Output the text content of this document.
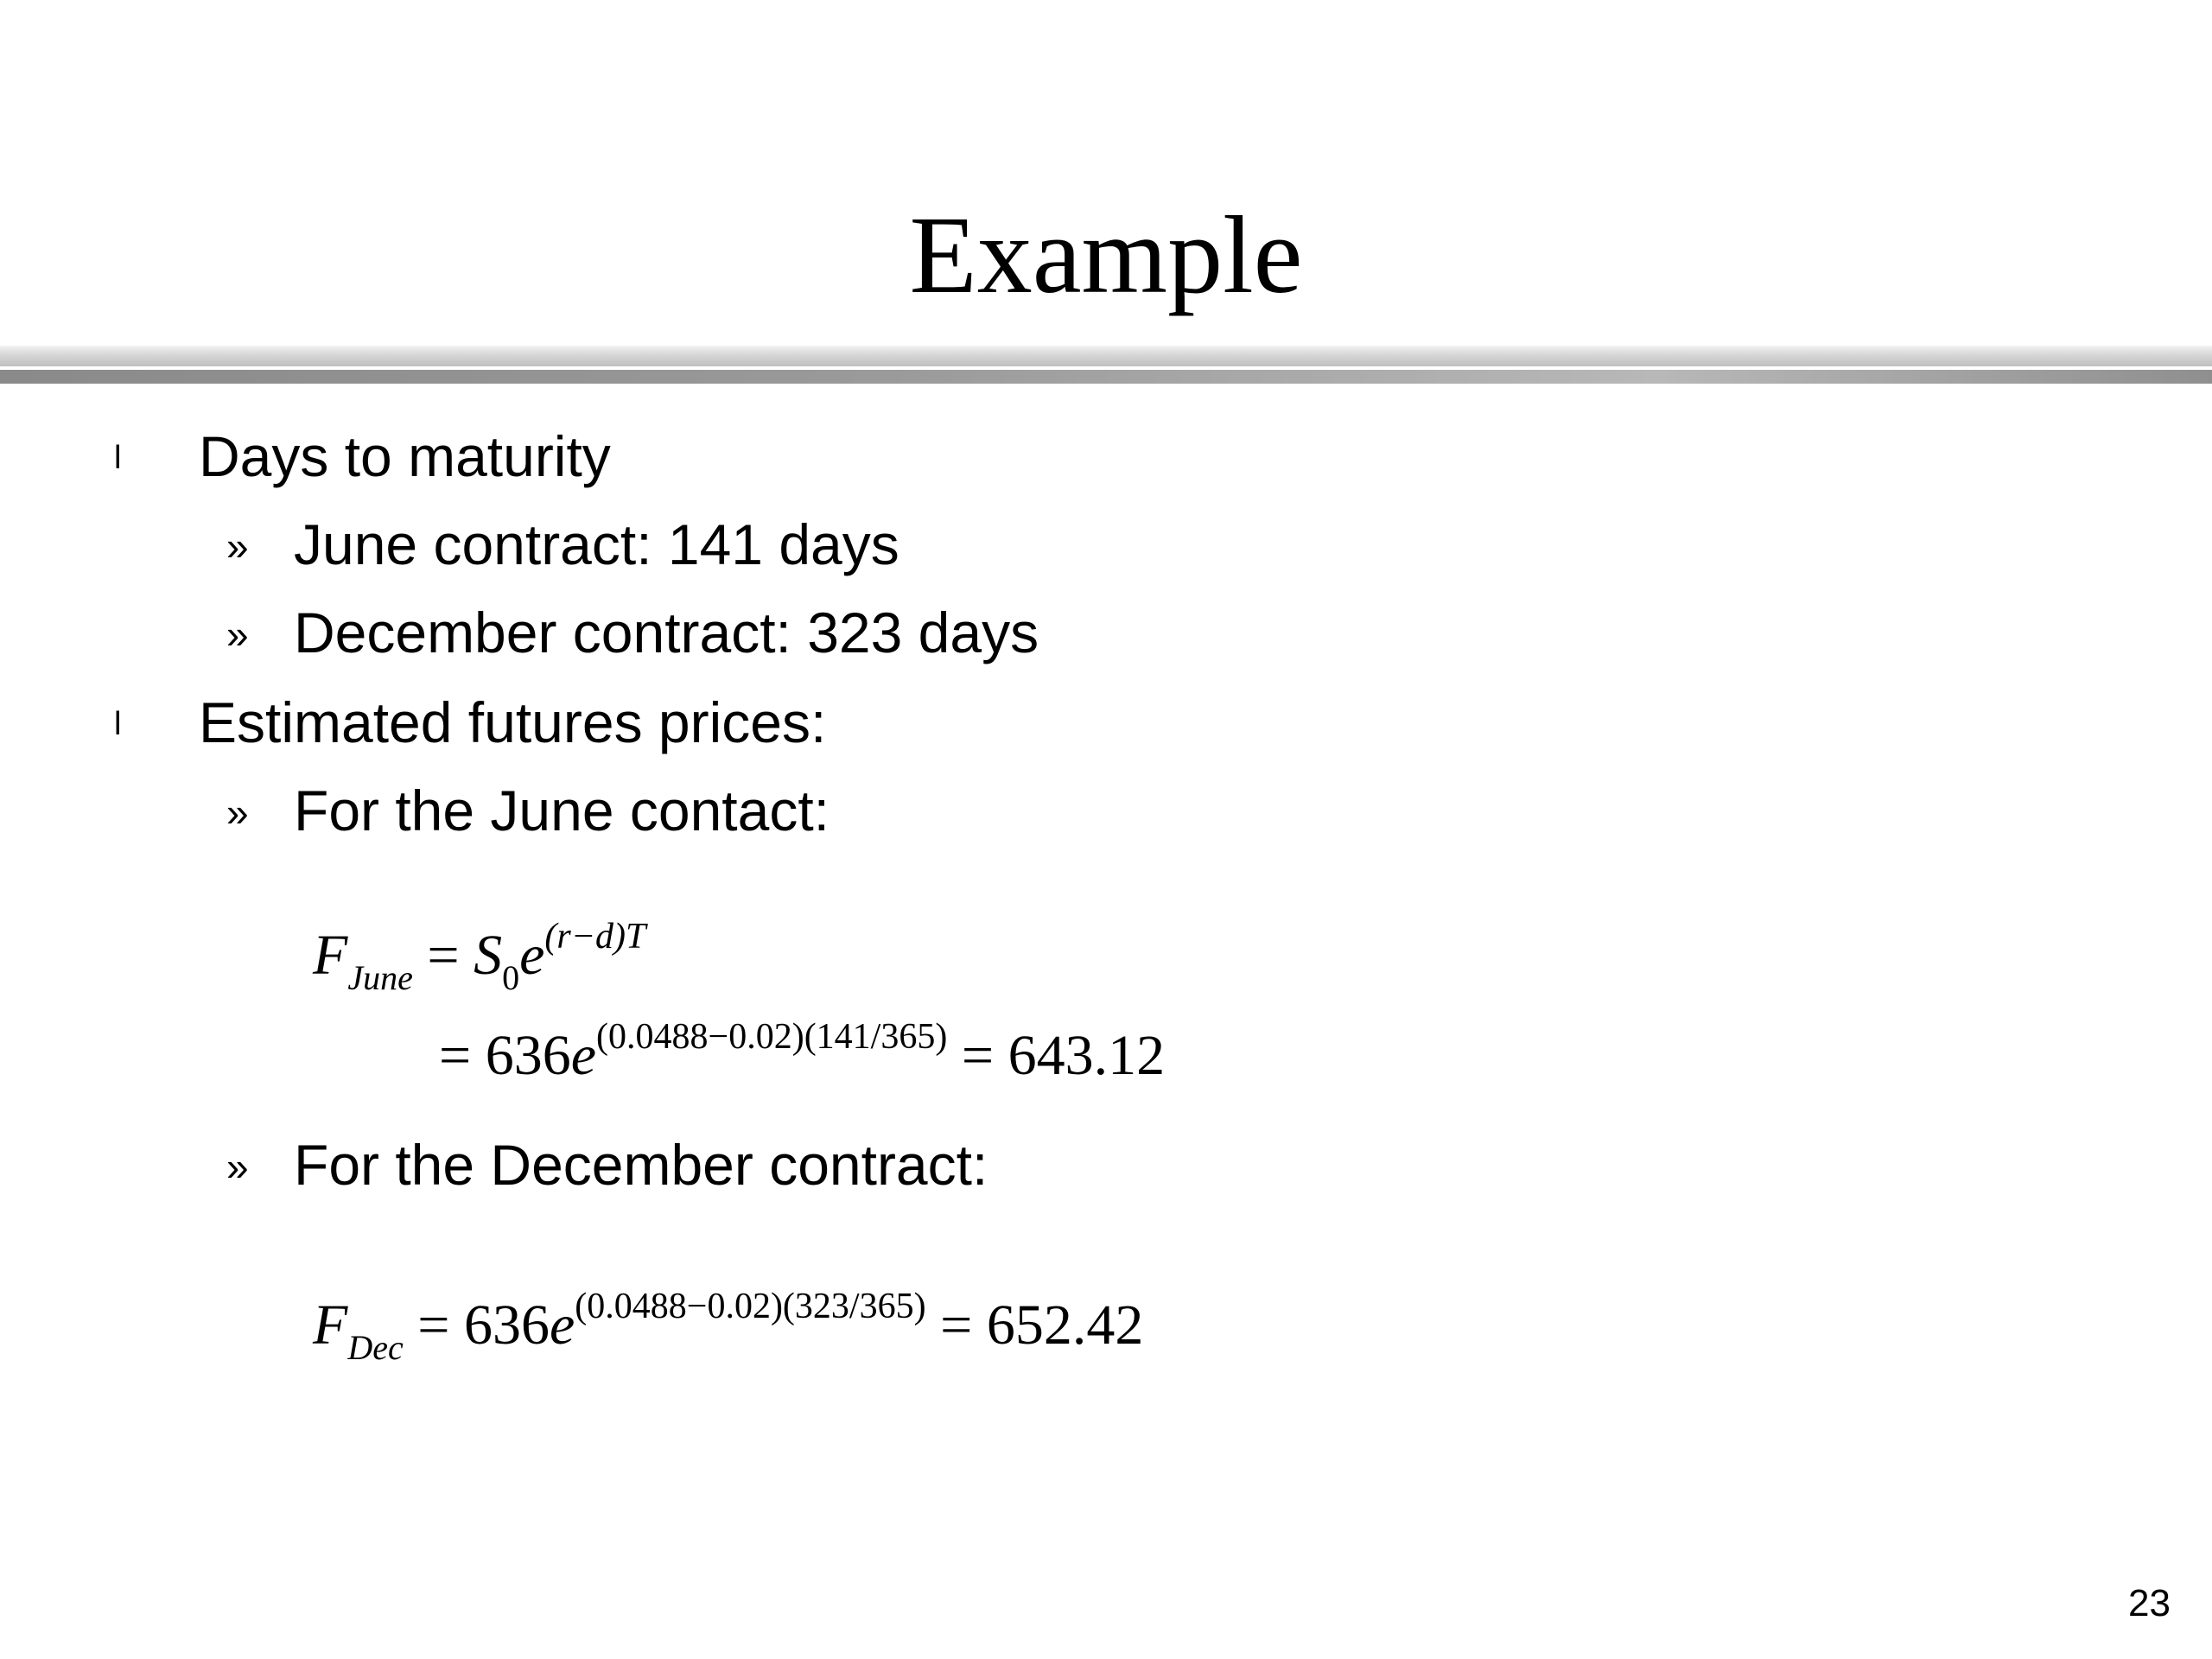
Example
l Days to maturity
» June contract: 141 days
» December contract: 323 days
l Estimated futures prices:
» For the June contact:
$F_{June} = S_0e^{(r-d)T}$
= $636e^{(0.0488-0.02)(141/365)} = 643.12$
» For the December contract:
$F_{Dec} = 636e^{(0.0488-0.02)(323/365)} = 652.42$
23
